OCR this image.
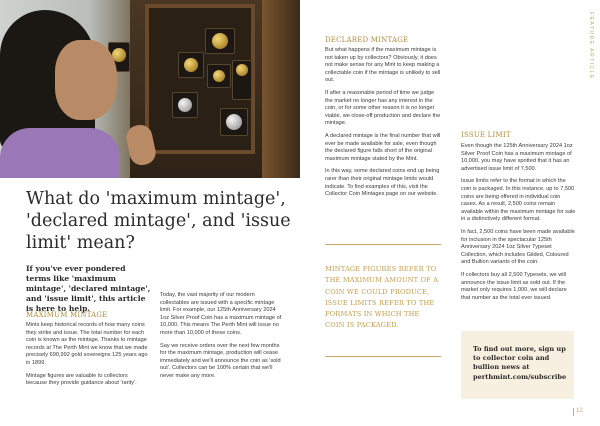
What do 'maximum mintage', 'declared mintage', and 'issue limit' mean?

If you've ever pondered terms like 'maximum mintage', 'declared mintage', and 'issue limit', this article is here to help.

MAXIMUM MINTAGE

Mints keep historical records of how many coins they strike and issue. The total number for each coin is known as the mintage. Thanks to mintage records at The Perth Mint we know that we made precisely 690,992 gold sovereigns 125 years ago in 1899.

Mintage figures are valuable to collectors because they provide guidance about 'rarity'.

Today, the vast majority of our modern collectables are issued with a specific mintage limit. For example, our 125th Anniversary 2024 1oz Silver Proof Coin has a maximum mintage of 10,000. This means The Perth Mint will issue no more than 10,000 of these coins.

Say we receive orders over the next few months for the maximum mintage, production will cease immediately and we'll announce the coin as 'sold out'. Collectors can be 100% certain that we'll never make any more.

DECLARED MINTAGE

But what happens if the maximum mintage is not taken up by collectors? Obviously, it does not make sense for any Mint to keep making a collectable coin if the mintage is unlikely to sell out.

If after a reasonable period of time we judge the market no longer has any interest in the coin, or for some other reason it is no longer viable, we close-off production and declare the mintage.

A declared mintage is the final number that will ever be made available for sale, even though the declared figure falls short of the original maximum mintage stated by the Mint.

In this way, some declared coins end up being rarer than their original mintage limits would indicate. To find examples of this, visit the Collector Coin Mintages page on our website.

MINTAGE FIGURES REFER TO THE MAXIMUM AMOUNT OF A COIN WE COULD PRODUCE, ISSUE LIMITS REFER TO THE FORMATS IN WHICH THE COIN IS PACKAGED.

ISSUE LIMIT

Even though the 125th Anniversary 2024 1oz Silver Proof Coin has a maximum mintage of 10,000, you may have spotted that it has an advertised issue limit of 7,500.

Issue limits refer to the format in which the coin is packaged. In this instance, up to 7,500 coins are being offered in individual coin cases. As a result, 2,500 coins remain available within the maximum mintage for sale in a distinctively different format.

In fact, 2,500 coins have been made available for inclusion in the spectacular 125th Anniversary 2024 1oz Silver Typeset Collection, which includes Gilded, Coloured and Bullion variants of the coin.

If collectors buy all 2,500 Typesets, we will announce the issue limit as sold out. If the market only requires 1,000, we will declare that number as the total ever issued.

To find out more, sign up to collector coin and bullion news at perthmint.com/subscribe

FEATURE ARTICLE
12
